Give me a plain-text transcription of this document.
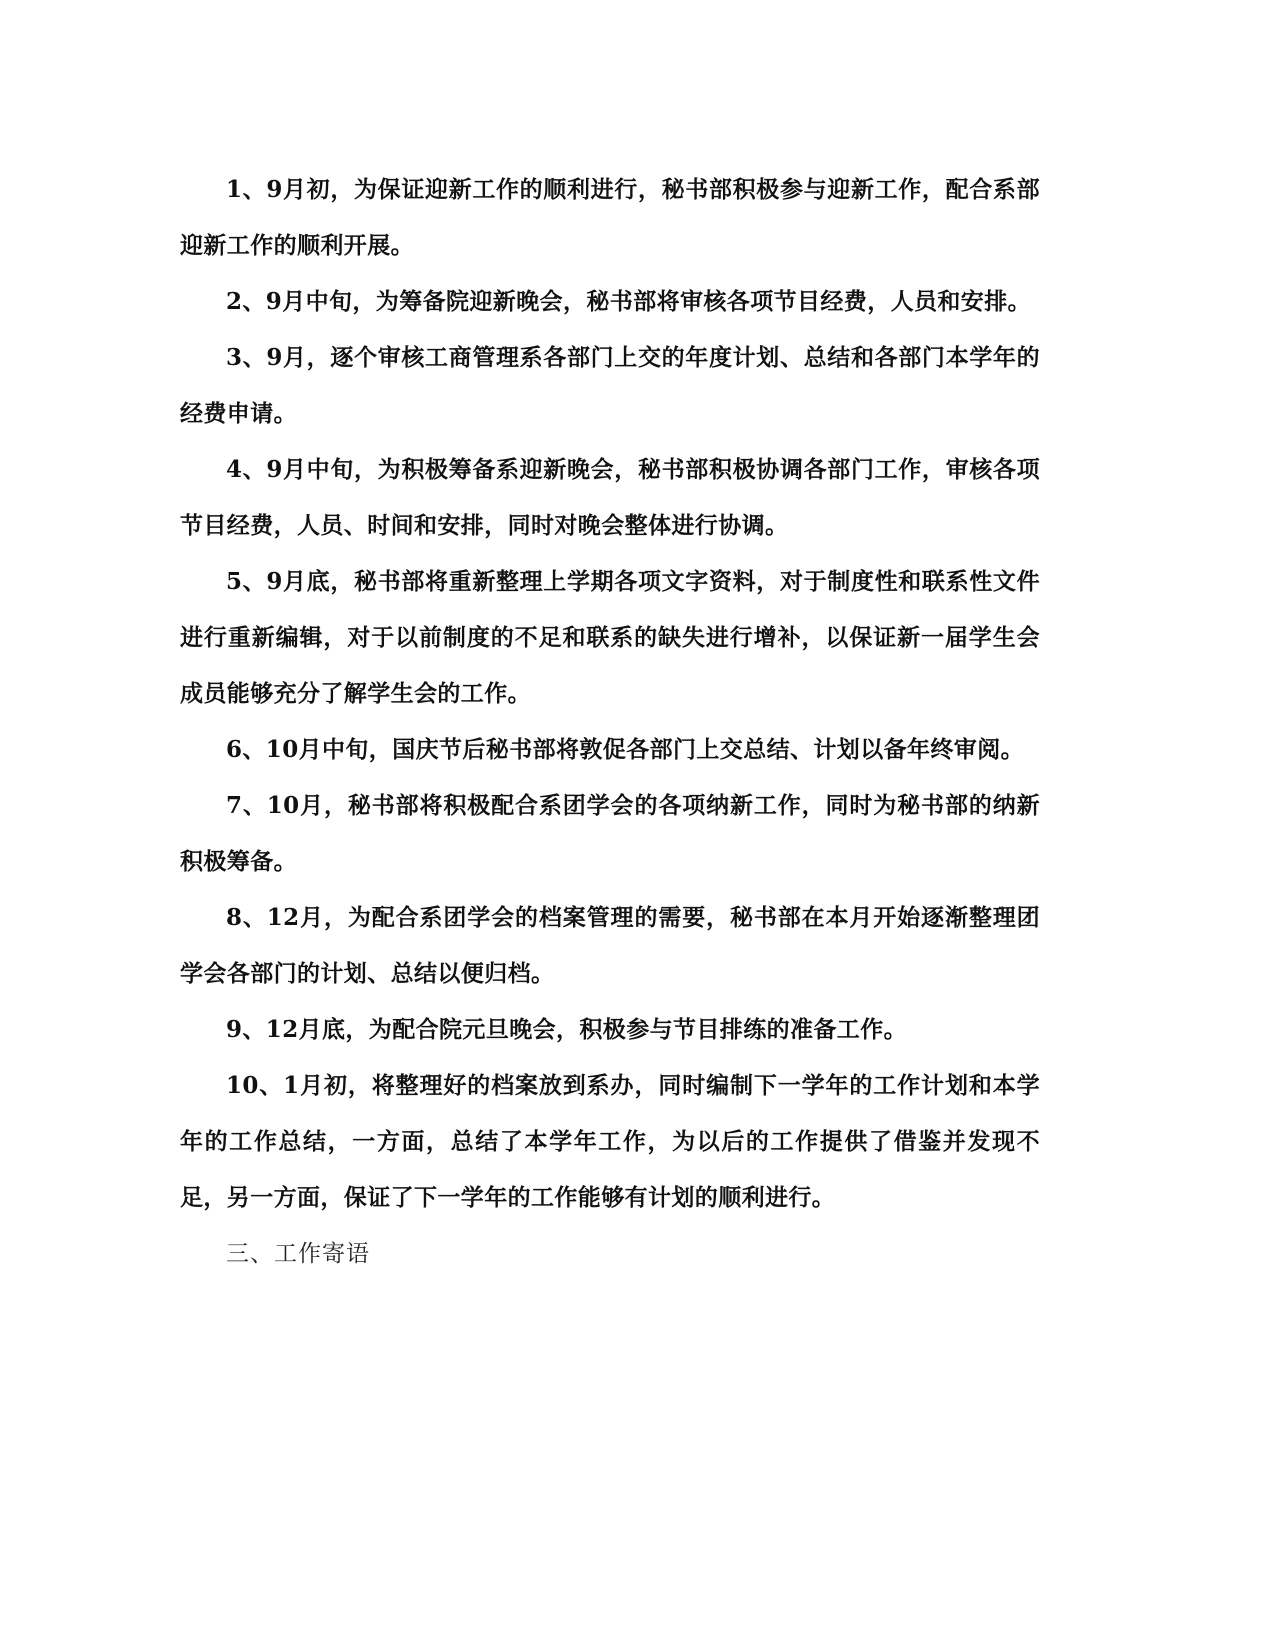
1、9月初，为保证迎新工作的顺利进行，秘书部积极参与迎新工作，配合系部迎新工作的顺利开展。

2、9月中旬，为筹备院迎新晚会，秘书部将审核各项节目经费，人员和安排。

3、9月，逐个审核工商管理系各部门上交的年度计划、总结和各部门本学年的经费申请。

4、9月中旬，为积极筹备系迎新晚会，秘书部积极协调各部门工作，审核各项节目经费，人员、时间和安排，同时对晚会整体进行协调。

5、9月底，秘书部将重新整理上学期各项文字资料，对于制度性和联系性文件进行重新编辑，对于以前制度的不足和联系的缺失进行增补，以保证新一届学生会成员能够充分了解学生会的工作。

6、10月中旬，国庆节后秘书部将敦促各部门上交总结、计划以备年终审阅。

7、10月，秘书部将积极配合系团学会的各项纳新工作，同时为秘书部的纳新积极筹备。

8、12月，为配合系团学会的档案管理的需要，秘书部在本月开始逐渐整理团学会各部门的计划、总结以便归档。

9、12月底，为配合院元旦晚会，积极参与节目排练的准备工作。

10、1月初，将整理好的档案放到系办，同时编制下一学年的工作计划和本学年的工作总结，一方面，总结了本学年工作，为以后的工作提供了借鉴并发现不足，另一方面，保证了下一学年的工作能够有计划的顺利进行。

三、工作寄语
